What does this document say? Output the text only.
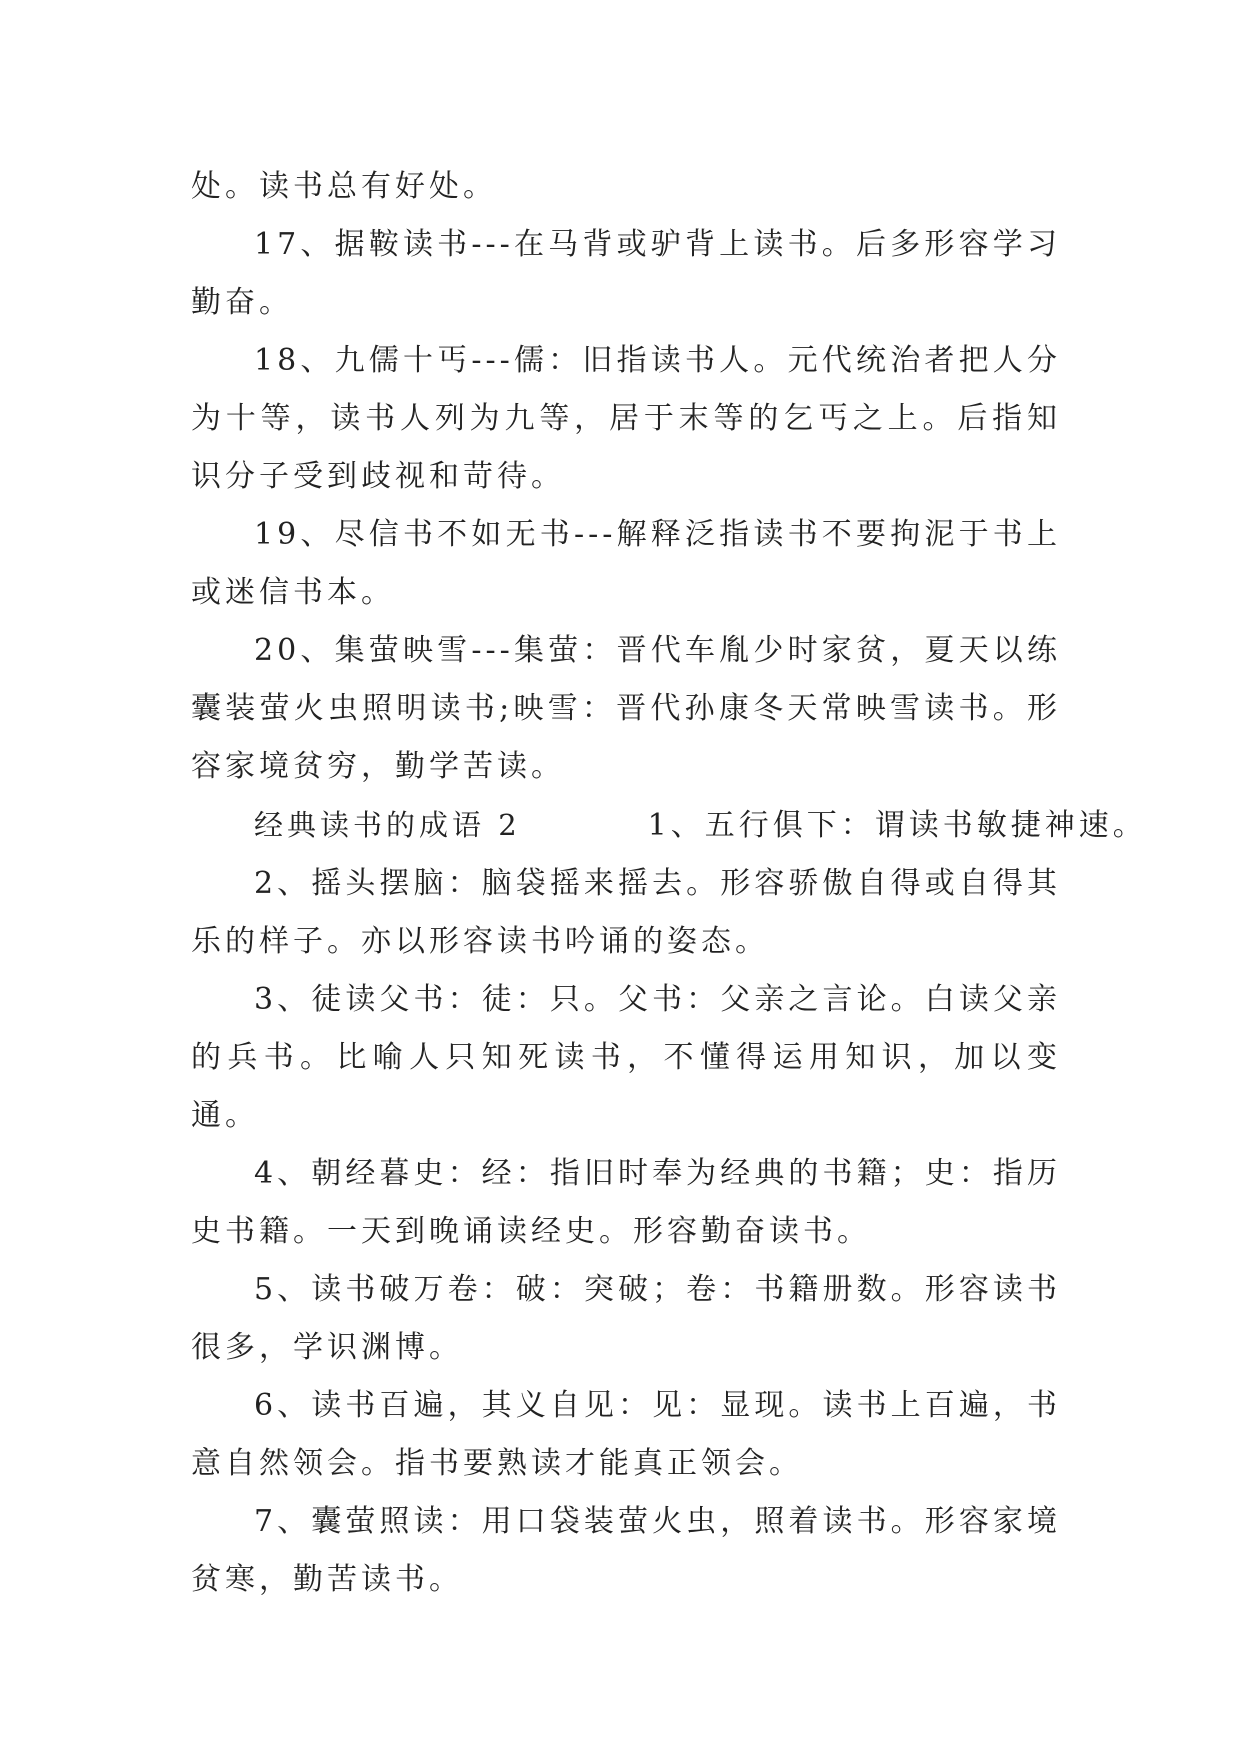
处。读书总有好处。

17、据鞍读书---在马背或驴背上读书。后多形容学习勤奋。

18、九儒十丐---儒：旧指读书人。元代统治者把人分为十等，读书人列为九等，居于末等的乞丐之上。后指知识分子受到歧视和苛待。

19、尽信书不如无书---解释泛指读书不要拘泥于书上或迷信书本。

20、集萤映雪---集萤：晋代车胤少时家贫，夏天以练囊装萤火虫照明读书;映雪：晋代孙康冬天常映雪读书。形容家境贫穷，勤学苦读。

经典读书的成语 2	1、五行俱下：谓读书敏捷神速。

2、摇头摆脑：脑袋摇来摇去。形容骄傲自得或自得其乐的样子。亦以形容读书吟诵的姿态。

3、徒读父书：徒：只。父书：父亲之言论。白读父亲的兵书。比喻人只知死读书，不懂得运用知识，加以变通。

4、朝经暮史：经：指旧时奉为经典的书籍；史：指历史书籍。一天到晚诵读经史。形容勤奋读书。

5、读书破万卷：破：突破；卷：书籍册数。形容读书很多，学识渊博。

6、读书百遍，其义自见：见：显现。读书上百遍，书意自然领会。指书要熟读才能真正领会。

7、囊萤照读：用口袋装萤火虫，照着读书。形容家境贫寒，勤苦读书。
